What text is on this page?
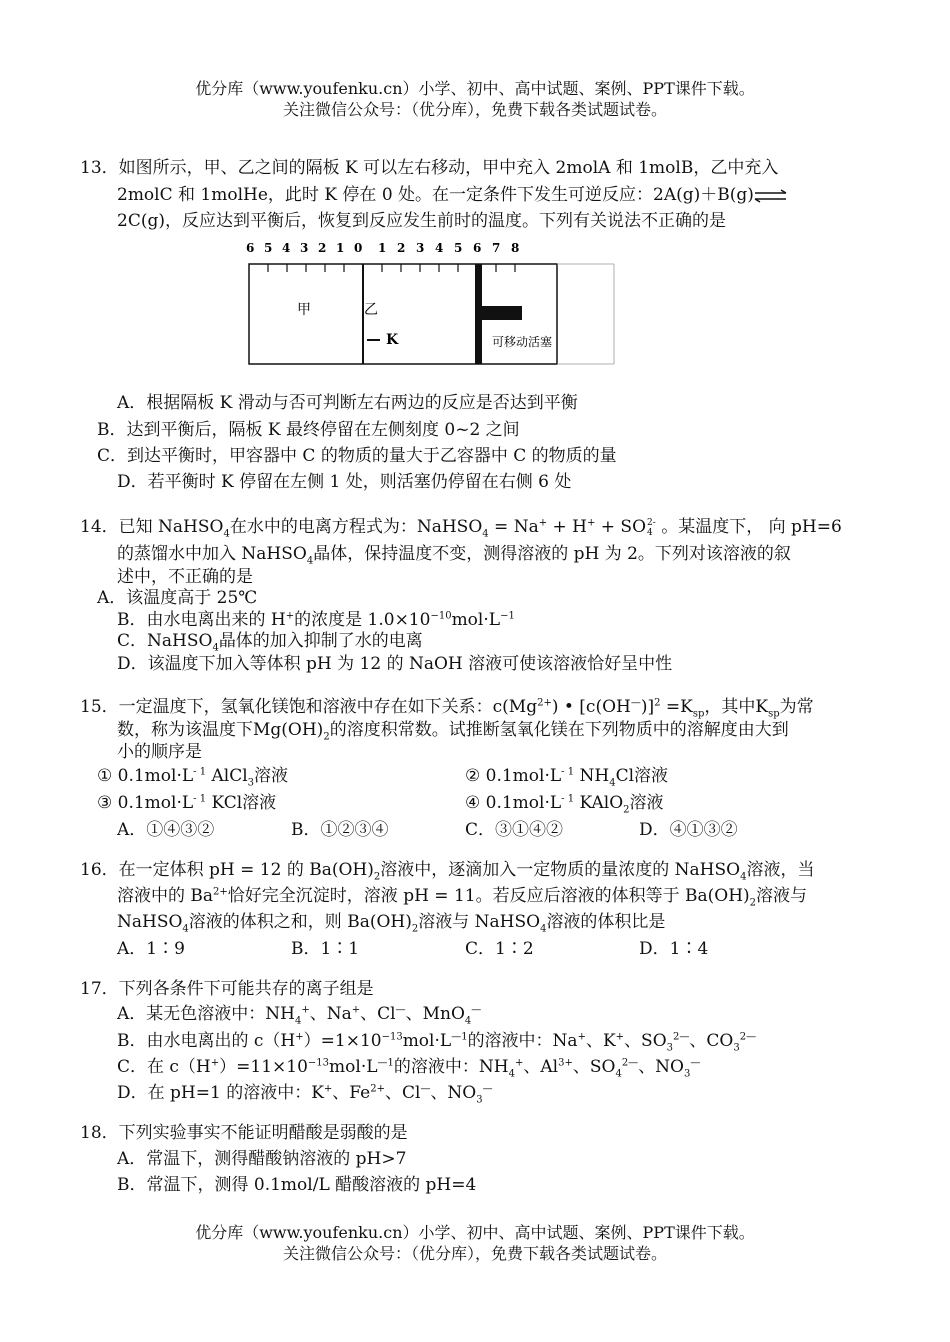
优分库（www.youfenku.cn）小学、初中、高中试题、案例、PPT课件下载。
关注微信公众号：（优分库），免费下载各类试题试卷。
13．如图所示，甲、乙之间的隔板 K 可以左右移动，甲中充入 2molA 和 1molB，乙中充入
2molC 和 1molHe，此时 K 停在 0 处。在一定条件下发生可逆反应：2A(g)＋B(g)⇌
2C(g)，反应达到平衡后，恢复到反应发生前时的温度。下列有关说法不正确的是
6 5 4 3 2 1 0 1 2 3 4 5 6 7 8
甲	乙
K	可移动活塞
A．根据隔板 K 滑动与否可判断左右两边的反应是否达到平衡
B．达到平衡后，隔板 K 最终停留在左侧刻度 0~2 之间
C．到达平衡时，甲容器中 C 的物质的量大于乙容器中 C 的物质的量
D．若平衡时 K 停留在左侧 1 处，则活塞仍停留在右侧 6 处
14．已知 NaHSO$_4$在水中的电离方程式为：NaHSO$_4$ = Na+ + H+ + SO 2-
4 。某温度下， 向 pH=6
的蒸馏水中加入 NaHSO$_4$晶体，保持温度不变，测得溶液的 pH 为 2。下列对该溶液的叙
述中，不正确的是
A．该温度高于 25℃
B．由水电离出来的 H+的浓度是 $1.0\times 10^{-10}mol\cdot L^{-1}$
C．NaHSO$_4$晶体的加入抑制了水的电离
D．该温度下加入等体积 pH 为 12 的 NaOH 溶液可使该溶液恰好呈中性
15．一定温度下，氢氧化镁饱和溶液中存在如下关系：$c(Mg^{2+})$ • $[c(OH^—)]^2 =K_{sp}$，其中$K_{sp}$为常
数，称为该温度下$Mg(OH)_2$的溶度积常数。试推断氢氧化镁在下列物质中的溶解度由大到
小的顺序是
① $0.1mol\cdot L^{- 1}$ AlCl$_3$溶液	② $0.1mol\cdot L^{- 1}$ $NH_4Cl$溶液
③ $0.1mol\cdot L^{- 1}$ KCl溶液	④ $0.1mol\cdot L^{- 1}$ KAlO$_2$溶液
A．①④③②	B．①②③④	C．③①④②	D．④①③②
16．在一定体积 pH = 12 的 $Ba(OH)_2$溶液中，逐滴加入一定物质的量浓度的 NaHSO$_4$溶液，当
溶液中的 $Ba^{2+}$恰好完全沉淀时，溶液 pH = 11。若反应后溶液的体积等于 $Ba(OH)_2$溶液与
NaHSO$_4$溶液的体积之和，则 $Ba(OH)_2$溶液与 NaHSO$_4$溶液的体积比是
A．1∶9	B．1∶1	C．1∶2	D．1∶4
17．下列各条件下可能共存的离子组是
A．某无色溶液中：$NH_4^+$、Na+、Cl—、MnO$_4$—
B．由水电离出的 $c(H^+)=1\times 10^{-13}mol\cdot L^{—1}$的溶液中：Na+、K+、$SO_3^{2—}$、$CO_3^{2—}$
C．在 $c(H^+)=11\times 10^{-13}mol\cdot L^{—1}$的溶液中：$NH_4^+$、$Al^{3+}$、$SO_4^{2—}$、$NO_3^—$
D．在 pH=1 的溶液中：K+、$Fe^{2+}$、Cl—、$NO_3^—$
18．下列实验事实不能证明醋酸是弱酸的是
A．常温下，测得醋酸钠溶液的 pH>7
B．常温下，测得 0.1mol/L 醋酸溶液的 pH=4
优分库（www.youfenku.cn）小学、初中、高中试题、案例、PPT课件下载。
关注微信公众号：（优分库），免费下载各类试题试卷。
